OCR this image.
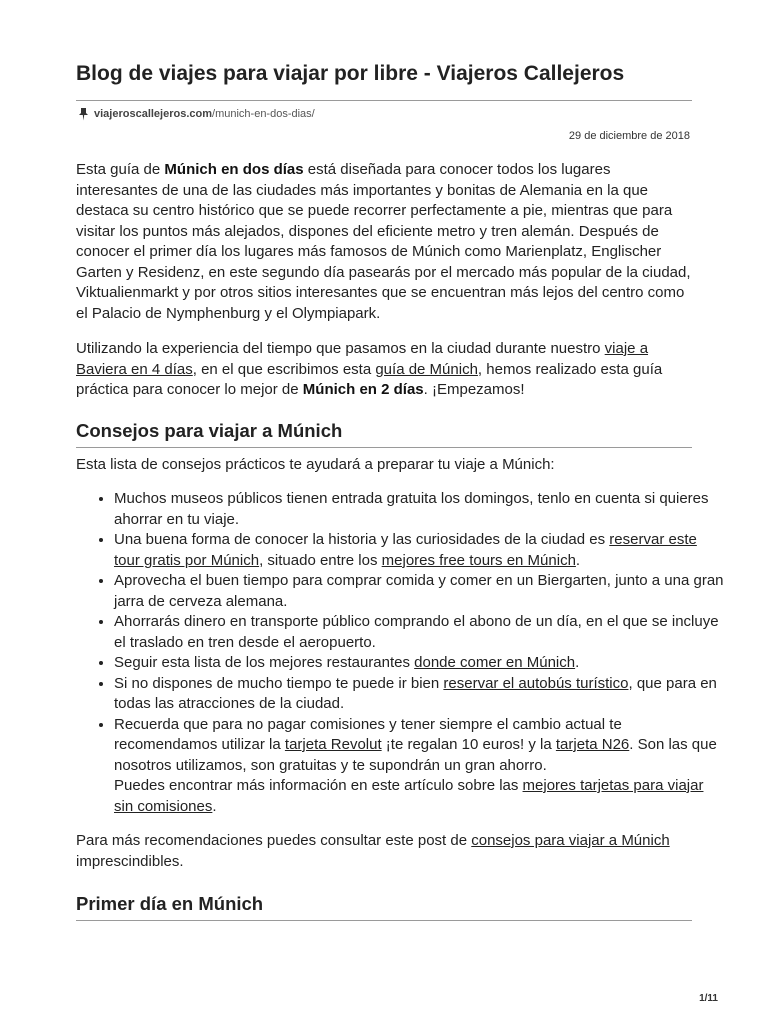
Blog de viajes para viajar por libre - Viajeros Callejeros
viajeroscallejeros.com /munich-en-dos-dias/
29 de diciembre de 2018

Esta guía de Múnich en dos días está diseñada para conocer todos los lugares interesantes de una de las ciudades más importantes y bonitas de Alemania en la que destaca su centro histórico que se puede recorrer perfectamente a pie, mientras que para visitar los puntos más alejados, dispones del eficiente metro y tren alemán. Después de conocer el primer día los lugares más famosos de Múnich como Marienplatz, Englischer Garten y Residenz, en este segundo día pasearás por el mercado más popular de la ciudad, Viktualienmarkt y por otros sitios interesantes que se encuentran más lejos del centro como el Palacio de Nymphenburg y el Olympiapark.

Utilizando la experiencia del tiempo que pasamos en la ciudad durante nuestro viaje a Baviera en 4 días, en el que escribimos esta guía de Múnich, hemos realizado esta guía práctica para conocer lo mejor de Múnich en 2 días. ¡Empezamos!

Consejos para viajar a Múnich

Esta lista de consejos prácticos te ayudará a preparar tu viaje a Múnich:

• Muchos museos públicos tienen entrada gratuita los domingos, tenlo en cuenta si quieres ahorrar en tu viaje.
• Una buena forma de conocer la historia y las curiosidades de la ciudad es reservar este tour gratis por Múnich, situado entre los mejores free tours en Múnich.
• Aprovecha el buen tiempo para comprar comida y comer en un Biergarten, junto a una gran jarra de cerveza alemana.
• Ahorrarás dinero en transporte público comprando el abono de un día, en el que se incluye el traslado en tren desde el aeropuerto.
• Seguir esta lista de los mejores restaurantes donde comer en Múnich.
• Si no dispones de mucho tiempo te puede ir bien reservar el autobús turístico, que para en todas las atracciones de la ciudad.
• Recuerda que para no pagar comisiones y tener siempre el cambio actual te recomendamos utilizar la tarjeta Revolut ¡te regalan 10 euros! y la tarjeta N26. Son las que nosotros utilizamos, son gratuitas y te supondrán un gran ahorro.
Puedes encontrar más información en este artículo sobre las mejores tarjetas para viajar sin comisiones.

Para más recomendaciones puedes consultar este post de consejos para viajar a Múnich imprescindibles.

Primer día en Múnich
1/11
